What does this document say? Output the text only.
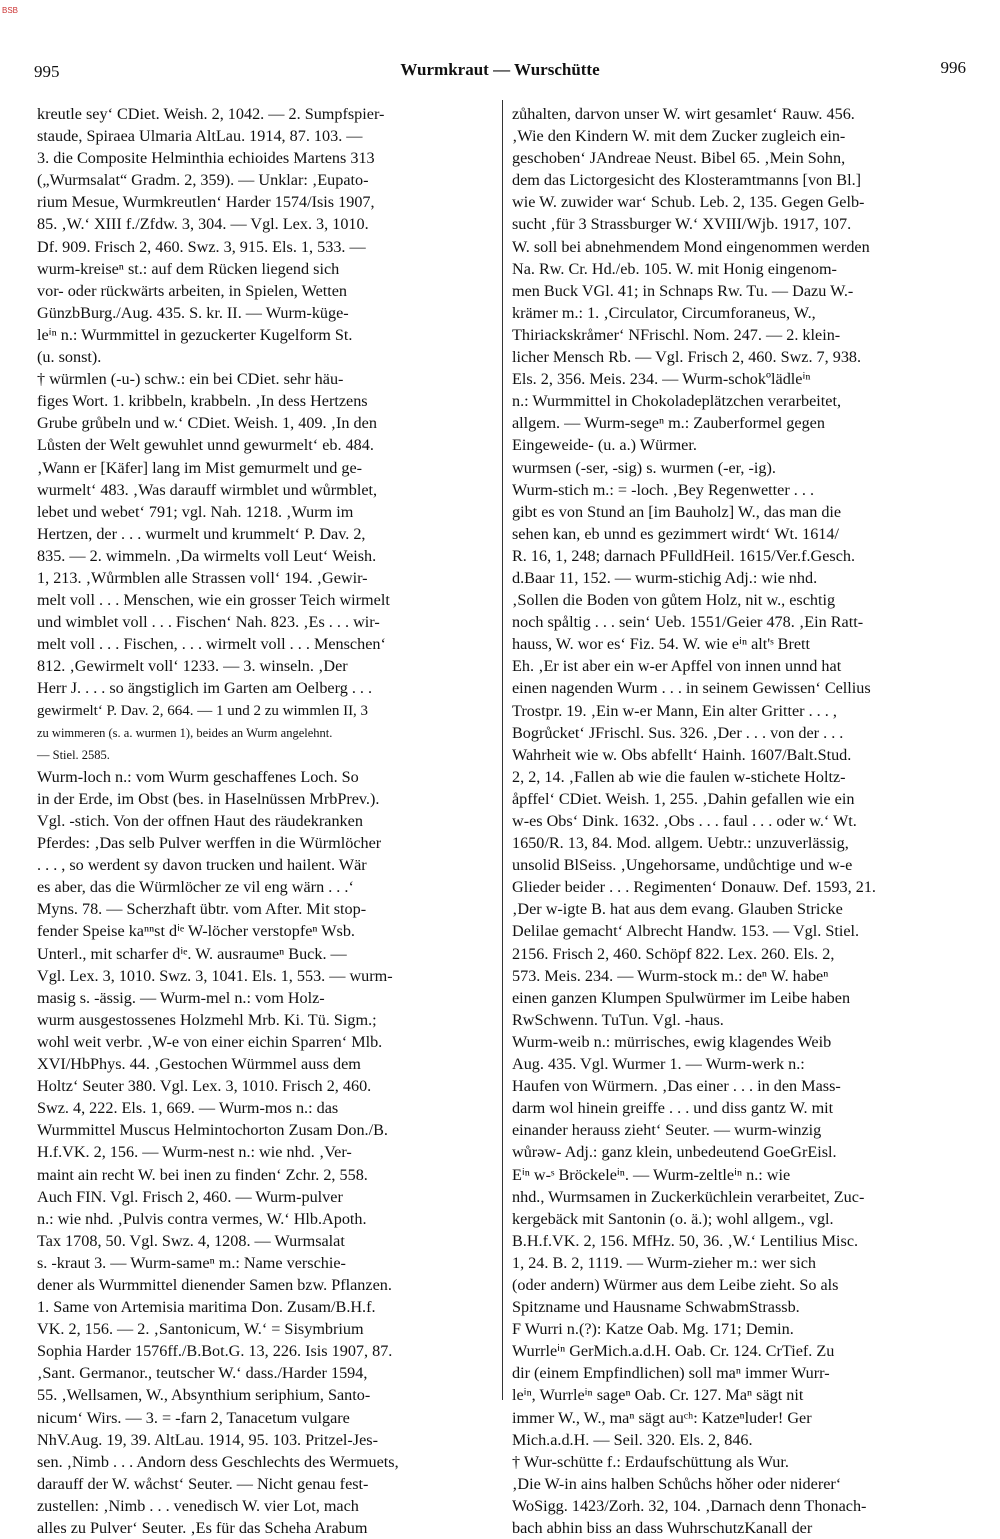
BSB
995	Wurmkraut — Wurschütte	996
kreutle sey‘ CDiet. Weish. 2, 1042. — 2. Sumpfspier-
staude, Spiraea Ulmaria AltLau. 1914, 87. 103. —
3. die Composite Helminthia echioides Martens 313
(„Wurmsalat“ Gradm. 2, 359). — Unklar: ‚Eupato-
rium Mesue, Wurmkreutlen‘ Harder 1574/Isis 1907,
85. ‚W.‘ XIII f./Zfdw. 3, 304. — Vgl. Lex. 3, 1010.
Df. 909. Frisch 2, 460. Swz. 3, 915. Els. 1, 533. —
wurm-kreiseⁿ st.: auf dem Rücken liegend sich
vor- oder rückwärts arbeiten, in Spielen, Wetten
GünzbBurg./Aug. 435. S. kr. II. — Wurm-küge-
leⁱⁿ n.: Wurmmittel in gezuckerter Kugelform St.
(u. sonst).
† würmlen (-u-) schw.: ein bei CDiet. sehr häu-
figes Wort. 1. kribbeln, krabbeln. ‚In dess Hertzens
Grube grůbeln und w.‘ CDiet. Weish. 1, 409. ‚In den
Lůsten der Welt gewuhlet unnd gewurmelt‘ eb. 484.
‚Wann er [Käfer] lang im Mist gemurmelt und ge-
wurmelt‘ 483. ‚Was darauff wirmblet und wůrmblet,
lebet und webet‘ 791; vgl. Nah. 1218. ‚Wurm im
Hertzen, der . . . wurmelt und krummelt‘ P. Dav. 2,
835. — 2. wimmeln. ‚Da wirmelts voll Leut‘ Weish.
1, 213. ‚Wůrmblen alle Strassen voll‘ 194. ‚Gewir-
melt voll . . . Menschen, wie ein grosser Teich wirmelt
und wimblet voll . . . Fischen‘ Nah. 823. ‚Es . . . wir-
melt voll . . . Fischen, . . . wirmelt voll . . . Menschen‘
812. ‚Gewirmelt voll‘ 1233. — 3. winseln. ‚Der
Herr J. . . . so ängstiglich im Garten am Oelberg . . .
gewirmelt‘ P. Dav. 2, 664. — 1 und 2 zu wimmlen II, 3
zu wimmeren (s. a. wurmen 1), beides an Wurm angelehnt.
— Stiel. 2585.
Wurm-loch n.: vom Wurm geschaffenes Loch. So
in der Erde, im Obst (bes. in Haselnüssen MrbPrev.).
Vgl. -stich. Von der offnen Haut des räudekranken
Pferdes: ‚Das selb Pulver werffen in die Würmlöcher
. . . , so werdent sy davon trucken und hailent. Wär
es aber, das die Würmlöcher ze vil eng wärn . . .‘
Myns. 78. — Scherzhaft übtr. vom After. Mit stop-
fender Speise kaⁿⁿst dⁱᵉ W-löcher verstopfeⁿ Wsb.
Unterl., mit scharfer dⁱᵉ. W. ausraumeⁿ Buck. —
Vgl. Lex. 3, 1010. Swz. 3, 1041. Els. 1, 553. — wurm-
masig s. -ässig. — Wurm-mel n.: vom Holz-
wurm ausgestossenes Holzmehl Mrb. Ki. Tü. Sigm.;
wohl weit verbr. ‚W-e von einer eichin Sparren‘ Mlb.
XVI/HbPhys. 44. ‚Gestochen Würmmel auss dem
Holtz‘ Seuter 380. Vgl. Lex. 3, 1010. Frisch 2, 460.
Swz. 4, 222. Els. 1, 669. — Wurm-mos n.: das
Wurmmittel Muscus Helmintochorton Zusam Don./B.
H.f.VK. 2, 156. — Wurm-nest n.: wie nhd. ‚Ver-
maint ain recht W. bei inen zu finden‘ Zchr. 2, 558.
Auch FIN. Vgl. Frisch 2, 460. — Wurm-pulver
n.: wie nhd. ‚Pulvis contra vermes, W.‘ Hlb.Apoth.
Tax 1708, 50. Vgl. Swz. 4, 1208. — Wurmsalat
s. -kraut 3. — Wurm-sameⁿ m.: Name verschie-
dener als Wurmmittel dienender Samen bzw. Pflanzen.
1. Same von Artemisia maritima Don. Zusam/B.H.f.
VK. 2, 156. — 2. ‚Santonicum, W.‘ = Sisymbrium
Sophia Harder 1576ff./B.Bot.G. 13, 226. Isis 1907, 87.
‚Sant. Germanor., teutscher W.‘ dass./Harder 1594,
55. ‚Wellsamen, W., Absynthium seriphium, Santo-
nicum‘ Wirs. — 3. = -farn 2, Tanacetum vulgare
NhV.Aug. 19, 39. AltLau. 1914, 95. 103. Pritzel-Jes-
sen. ‚Nimb . . . Andorn dess Geschlechts des Wermuets,
darauff der W. wåchst‘ Seuter. — Nicht genau fest-
zustellen: ‚Nimb . . . venedisch W. vier Lot, mach
alles zu Pulver‘ Seuter. ‚Es für das Scheha Arabum
zůhalten, darvon unser W. wirt gesamlet‘ Rauw. 456.
‚Wie den Kindern W. mit dem Zucker zugleich ein-
geschoben‘ JAndreae Neust. Bibel 65. ‚Mein Sohn,
dem das Lictorgesicht des Klosteramtmanns [von Bl.]
wie W. zuwider war‘ Schub. Leb. 2, 135. Gegen Gelb-
sucht ‚für 3 Strassburger W.‘ XVIII/Wjb. 1917, 107.
W. soll bei abnehmendem Mond eingenommen werden
Na. Rw. Cr. Hd./eb. 105. W. mit Honig eingenom-
men Buck VGl. 41; in Schnaps Rw. Tu. — Dazu W.-
krämer m.: 1. ‚Circulator, Circumforaneus, W.,
Thiriackskråmer‘ NFrischl. Nom. 247. — 2. klein-
licher Mensch Rb. — Vgl. Frisch 2, 460. Swz. 7, 938.
Els. 2, 356. Meis. 234. — Wurm-schokºlädleⁱⁿ
n.: Wurmmittel in Chokoladeplätzchen verarbeitet,
allgem. — Wurm-segeⁿ m.: Zauberformel gegen
Eingeweide- (u. a.) Würmer.
wurmsen (-ser, -sig) s. wurmen (-er, -ig).
Wurm-stich m.: = -loch. ‚Bey Regenwetter . . .
gibt es von Stund an [im Bauholz] W., das man die
sehen kan, eb unnd es gezimmert wirdt‘ Wt. 1614/
R. 16, 1, 248; darnach PFulldHeil. 1615/Ver.f.Gesch.
d.Baar 11, 152. — wurm-stichig Adj.: wie nhd.
‚Sollen die Boden von gůtem Holz, nit w., eschtig
noch spåltig . . . sein‘ Ueb. 1551/Geier 478. ‚Ein Ratt-
hauss, W. wor es‘ Fiz. 54. W. wie eⁱⁿ alt'ˢ Brett
Eh. ‚Er ist aber ein w-er Apffel von innen unnd hat
einen nagenden Wurm . . . in seinem Gewissen‘ Cellius
Trostpr. 19. ‚Ein w-er Mann, Ein alter Gritter . . . ,
Bogrůcket‘ JFrischl. Sus. 326. ‚Der . . . von der . . .
Wahrheit wie w. Obs abfellt‘ Hainh. 1607/Balt.Stud.
2, 2, 14. ‚Fallen ab wie die faulen w-stichete Holtz-
åpffel‘ CDiet. Weish. 1, 255. ‚Dahin gefallen wie ein
w-es Obs‘ Dink. 1632. ‚Obs . . . faul . . . oder w.‘ Wt.
1650/R. 13, 84. Mod. allgem. Uebtr.: unzuverlässig,
unsolid BlSeiss. ‚Ungehorsame, undůchtige und w-e
Glieder beider . . . Regimenten‘ Donauw. Def. 1593, 21.
‚Der w-igte B. hat aus dem evang. Glauben Stricke
Delilae gemacht‘ Albrecht Handw. 153. — Vgl. Stiel.
2156. Frisch 2, 460. Schöpf 822. Lex. 260. Els. 2,
573. Meis. 234. — Wurm-stock m.: deⁿ W. habeⁿ
einen ganzen Klumpen Spulwürmer im Leibe haben
RwSchwenn. TuTun. Vgl. -haus.
Wurm-weib n.: mürrisches, ewig klagendes Weib
Aug. 435. Vgl. Wurmer 1. — Wurm-werk n.:
Haufen von Würmern. ‚Das einer . . . in den Mass-
darm wol hinein greiffe . . . und diss gantz W. mit
einander herauss zieht‘ Seuter. — wurm-winzig
wůrəw- Adj.: ganz klein, unbedeutend GoeGrEisl.
Eⁱⁿ w-ˢ Bröckeleⁱⁿ. — Wurm-zeltleⁱⁿ n.: wie
nhd., Wurmsamen in Zuckerküchlein verarbeitet, Zuc-
kergebäck mit Santonin (o. ä.); wohl allgem., vgl.
B.H.f.VK. 2, 156. MfHz. 50, 36. ‚W.‘ Lentilius Misc.
1, 24. B. 2, 1119. — Wurm-zieher m.: wer sich
(oder andern) Würmer aus dem Leibe zieht. So als
Spitzname und Hausname SchwabmStrassb.
F Wurri n.(?): Katze Oab. Mg. 171; Demin.
Wurrleⁱⁿ GerMich.a.d.H. Oab. Cr. 124. CrTief. Zu
dir (einem Empfindlichen) soll maⁿ immer Wurr-
leⁱⁿ, Wurrleⁱⁿ sageⁿ Oab. Cr. 127. Maⁿ sägt nit
immer W., W., maⁿ sägt auᶜʰ: Katzeⁿluder! Ger
Mich.a.d.H. — Seil. 320. Els. 2, 846.
† Wur-schütte f.: Erdaufschüttung als Wur.
‚Die W-in ains halben Schůchs hǒher oder niderer‘
WoSigg. 1423/Zorh. 32, 104. ‚Darnach denn Thonach-
bach abhin biss an dass WuhrschutzKanall der
